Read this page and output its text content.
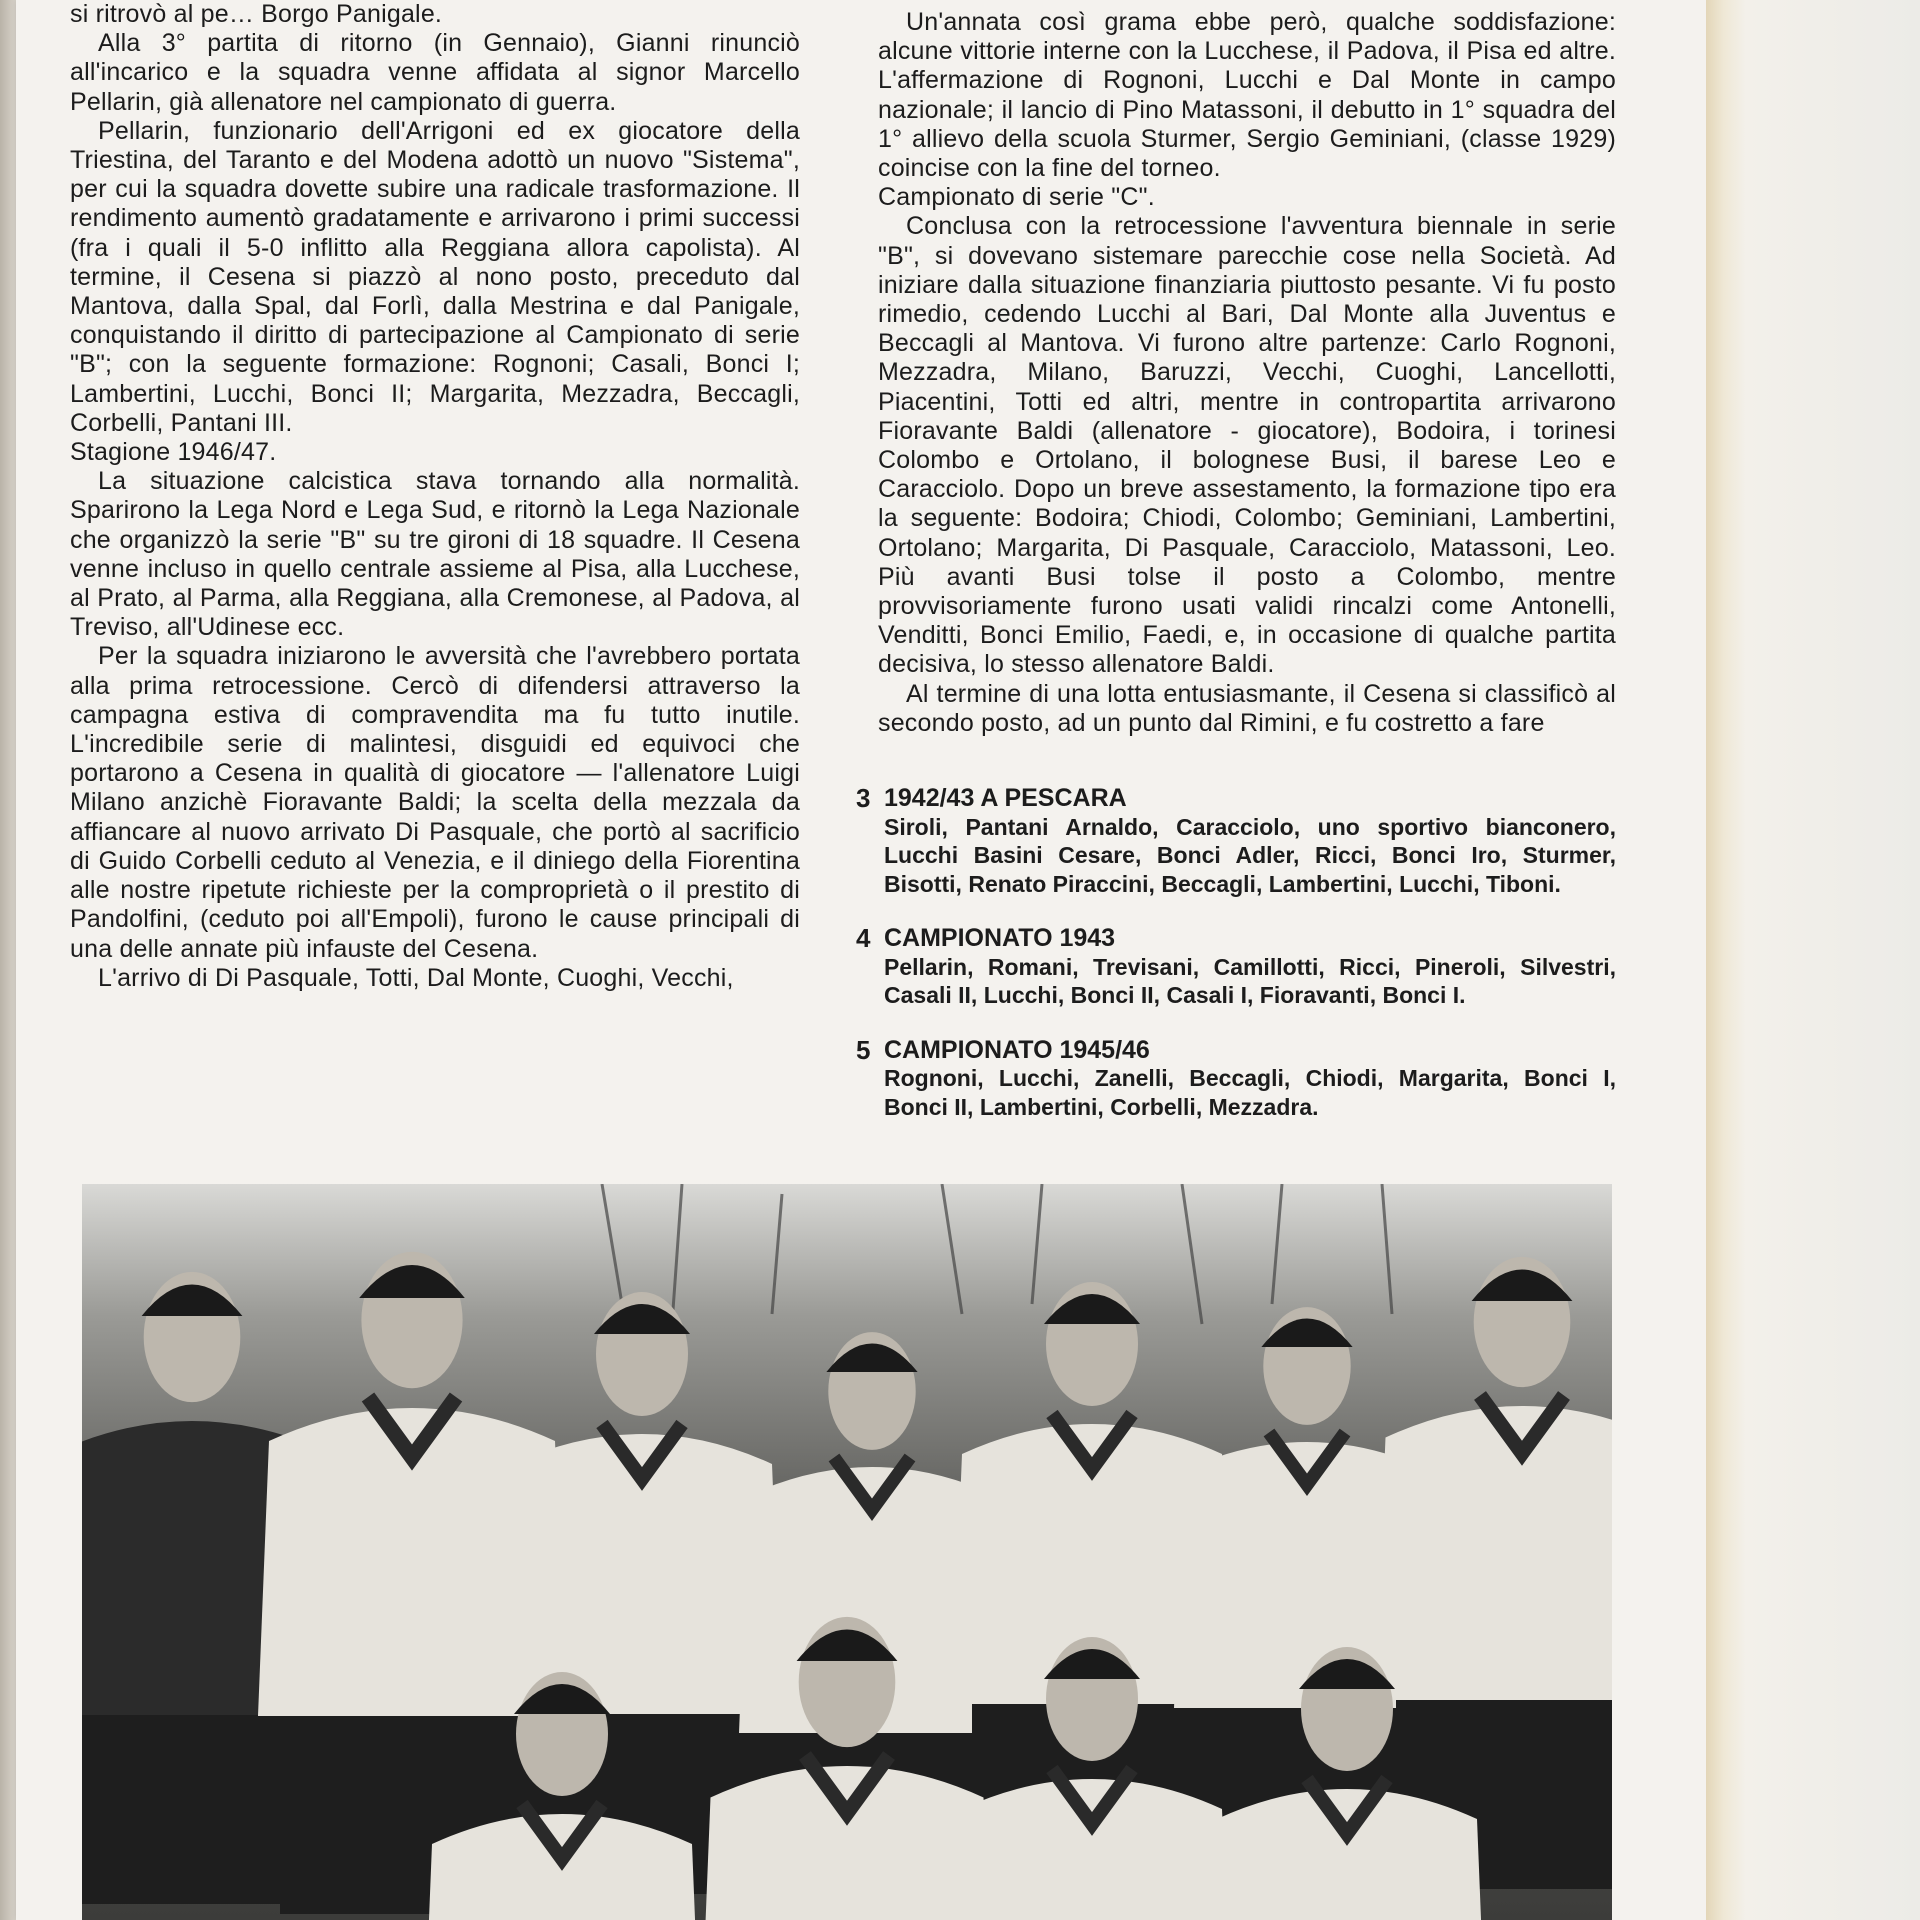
si ritrovò al pe… Borgo Panigale.

Alla 3° partita di ritorno (in Gennaio), Gianni rinunciò all'incarico e la squadra venne affidata al signor Marcello Pellarin, già allenatore nel campionato di guerra.

Pellarin, funzionario dell'Arrigoni ed ex giocatore della Triestina, del Taranto e del Modena adottò un nuovo "Sistema", per cui la squadra dovette subire una radicale trasformazione. Il rendimento aumentò gradatamente e arrivarono i primi successi (fra i quali il 5-0 inflitto alla Reggiana allora capolista). Al termine, il Cesena si piazzò al nono posto, preceduto dal Mantova, dalla Spal, dal Forlì, dalla Mestrina e dal Panigale, conquistando il diritto di partecipazione al Campionato di serie "B"; con la seguente formazione: Rognoni; Casali, Bonci I; Lambertini, Lucchi, Bonci II; Margarita, Mezzadra, Beccagli, Corbelli, Pantani III.

Stagione 1946/47.

La situazione calcistica stava tornando alla normalità. Sparirono la Lega Nord e Lega Sud, e ritornò la Lega Nazionale che organizzò la serie "B" su tre gironi di 18 squadre. Il Cesena venne incluso in quello centrale assieme al Pisa, alla Lucchese, al Prato, al Parma, alla Reggiana, alla Cremonese, al Padova, al Treviso, all'Udinese ecc.

Per la squadra iniziarono le avversità che l'avrebbero portata alla prima retrocessione. Cercò di difendersi attraverso la campagna estiva di compravendita ma fu tutto inutile. L'incredibile serie di malintesi, disguidi ed equivoci che portarono a Cesena in qualità di giocatore — l'allenatore Luigi Milano anzichè Fioravante Baldi; la scelta della mezzala da affiancare al nuovo arrivato Di Pasquale, che portò al sacrificio di Guido Corbelli ceduto al Venezia, e il diniego della Fiorentina alle nostre ripetute richieste per la comproprietà o il prestito di Pandolfini, (ceduto poi all'Empoli), furono le cause principali di una delle annate più infauste del Cesena.

L'arrivo di Di Pasquale, Totti, Dal Monte, Cuoghi, Vecchi,

Un'annata così grama ebbe però, qualche soddisfazione: alcune vittorie interne con la Lucchese, il Padova, il Pisa ed altre. L'affermazione di Rognoni, Lucchi e Dal Monte in campo nazionale; il lancio di Pino Matassoni, il debutto in 1° squadra del 1° allievo della scuola Sturmer, Sergio Geminiani, (classe 1929) coincise con la fine del torneo.

Campionato di serie "C".

Conclusa con la retrocessione l'avventura biennale in serie "B", si dovevano sistemare parecchie cose nella Società. Ad iniziare dalla situazione finanziaria piuttosto pesante. Vi fu posto rimedio, cedendo Lucchi al Bari, Dal Monte alla Juventus e Beccagli al Mantova. Vi furono altre partenze: Carlo Rognoni, Mezzadra, Milano, Baruzzi, Vecchi, Cuoghi, Lancellotti, Piacentini, Totti ed altri, mentre in contropartita arrivarono Fioravante Baldi (allenatore - giocatore), Bodoira, i torinesi Colombo e Ortolano, il bolognese Busi, il barese Leo e Caracciolo. Dopo un breve assestamento, la formazione tipo era la seguente: Bodoira; Chiodi, Colombo; Geminiani, Lambertini, Ortolano; Margarita, Di Pasquale, Caracciolo, Matassoni, Leo. Più avanti Busi tolse il posto a Colombo, mentre provvisoriamente furono usati validi rincalzi come Antonelli, Venditti, Bonci Emilio, Faedi, e, in occasione di qualche partita decisiva, lo stesso allenatore Baldi.

Al termine di una lotta entusiasmante, il Cesena si classificò al secondo posto, ad un punto dal Rimini, e fu costretto a fare

3 1942/43 A PESCARA
Siroli, Pantani Arnaldo, Caracciolo, uno sportivo bianconero, Lucchi Basini Cesare, Bonci Adler, Ricci, Bonci Iro, Sturmer, Bisotti, Renato Piraccini, Beccagli, Lambertini, Lucchi, Tiboni.
4 CAMPIONATO 1943
Pellarin, Romani, Trevisani, Camillotti, Ricci, Pineroli, Silvestri, Casali II, Lucchi, Bonci II, Casali I, Fioravanti, Bonci I.
5 CAMPIONATO 1945/46
Rognoni, Lucchi, Zanelli, Beccagli, Chiodi, Margarita, Bonci I, Bonci II, Lambertini, Corbelli, Mezzadra.
